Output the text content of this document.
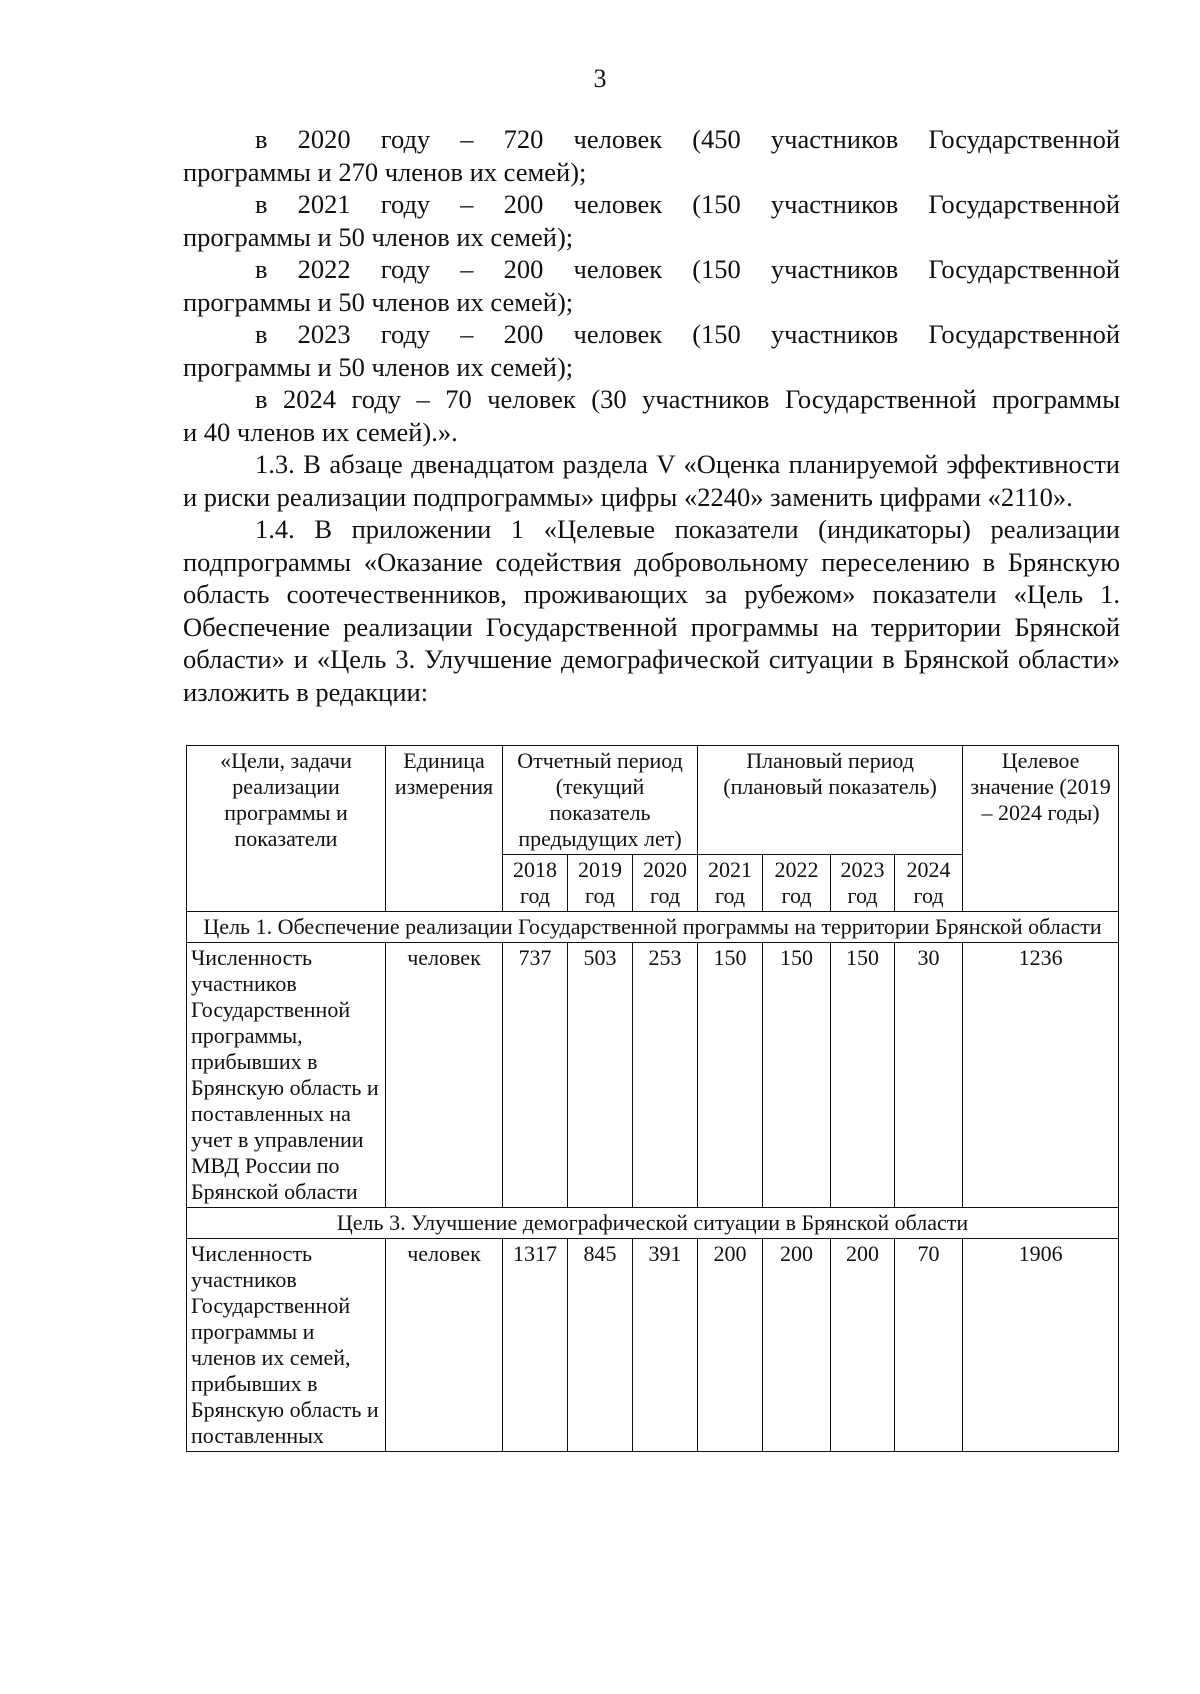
3

в 2020 году – 720 человек (450 участников Государственной
программы и 270 членов их семей);

в 2021 году – 200 человек (150 участников Государственной
программы и 50 членов их семей);

в 2022 году – 200 человек (150 участников Государственной
программы и 50 членов их семей);

в 2023 году – 200 человек (150 участников Государственной
программы и 50 членов их семей);

в 2024 году – 70 человек (30 участников Государственной программы
и 40 членов их семей).».

1.3. В абзаце двенадцатом раздела V «Оценка планируемой эффективности и риски реализации подпрограммы» цифры «2240» заменить цифрами «2110».

1.4. В приложении 1 «Целевые показатели (индикаторы) реализации подпрограммы «Оказание содействия добровольному переселению в Брянскую область соотечественников, проживающих за рубежом» показатели «Цель 1. Обеспечение реализации Государственной программы на территории Брянской области» и «Цель 3. Улучшение демографической ситуации в Брянской области» изложить в редакции:

«Цели, задачи реализации программы и показатели	Единица измерения	Отчетный период (текущий показатель предыдущих лет)			Плановый период (плановый показатель)				Целевое значение (2019 – 2024 годы)
		2018 год	2019 год	2020 год	2021 год	2022 год	2023 год	2024 год	
Цель 1. Обеспечение реализации Государственной программы на территории Брянской области									
Численность участников Государственной программы, прибывших в Брянскую область и поставленных на учет в управлении МВД России по Брянской области	человек	737	503	253	150	150	150	30	1236
Цель 3. Улучшение демографической ситуации в Брянской области									
Численность участников Государственной программы и членов их семей, прибывших в Брянскую область и поставленных	человек	1317	845	391	200	200	200	70	1906
